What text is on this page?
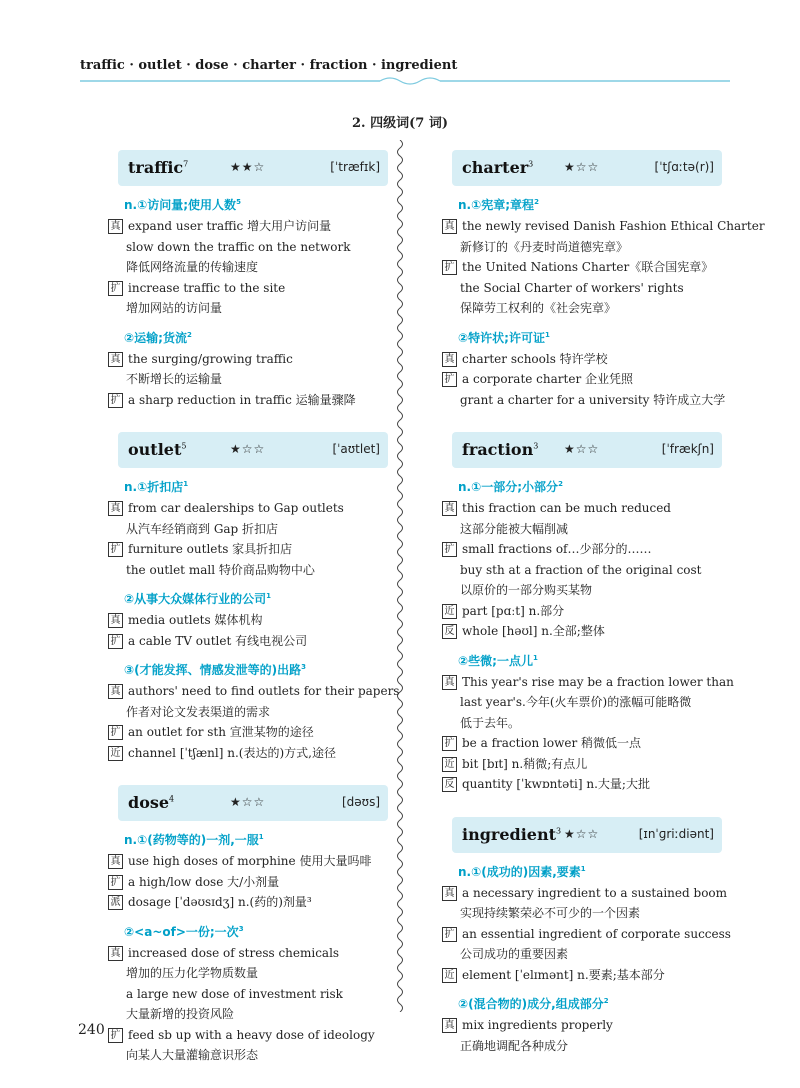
traffic · outlet · dose · charter · fraction · ingredient
2. 四级词(7 词)
traffic$^7$	★★☆	[ˈtræfɪk]
n.①访问量;使用人数$^5$
真 expand user traffic 增大用户访问量
slow down the traffic on the network
降低网络流量的传输速度
扩 increase traffic to the site
增加网站的访问量
②运输;货流$^2$
真 the surging/growing traffic
不断增长的运输量
扩 a sharp reduction in traffic 运输量骤降
outlet$^5$	★☆☆	[ˈaʊtlet]
n.①折扣店$^1$
真 from car dealerships to Gap outlets
从汽车经销商到 Gap 折扣店
扩 furniture outlets 家具折扣店
the outlet mall 特价商品购物中心
②从事大众媒体行业的公司$^1$
真 media outlets 媒体机构
扩 a cable TV outlet 有线电视公司
③(才能发挥、情感发泄等的)出路$^3$
真 authors' need to find outlets for their papers
作者对论文发表渠道的需求
扩 an outlet for sth 宣泄某物的途径
近 channel [ˈtʃænl] n.(表达的)方式,途径
dose$^4$	★☆☆	[dəʊs]
n.①(药物等的)一剂,一服$^1$
真 use high doses of morphine 使用大量吗啡
扩 a high/low dose 大/小剂量
派 dosage [ˈdəʊsɪdʒ] n.(药的)剂量³
②<a~of>一份;一次$^3$
真 increased dose of stress chemicals
增加的压力化学物质数量
a large new dose of investment risk
大量新增的投资风险
扩 feed sb up with a heavy dose of ideology
向某人大量灌输意识形态
charter$^3$	★☆☆	[ˈtʃɑːtə(r)]
n.①宪章;章程$^2$
真 the newly revised Danish Fashion Ethical Charter
新修订的《丹麦时尚道德宪章》
扩 the United Nations Charter《联合国宪章》
the Social Charter of workers' rights
保障劳工权利的《社会宪章》
②特许状;许可证$^1$
真 charter schools 特许学校
扩 a corporate charter 企业凭照
grant a charter for a university 特许成立大学
fraction$^3$ ★☆☆	[ˈfrækʃn]
n.①一部分;小部分$^2$
真 this fraction can be much reduced
这部分能被大幅削减
扩 small fractions of…少部分的……
buy sth at a fraction of the original cost
以原价的一部分购买某物
近 part [pɑːt] n.部分
反 whole [həʊl] n.全部;整体
②些微;一点儿$^1$
真 This year's rise may be a fraction lower than
last year's.今年(火车票价)的涨幅可能略微
低于去年。
扩 be a fraction lower 稍微低一点
近 bit [bɪt] n.稍微;有点儿
反 quantity [ˈkwɒntəti] n.大量;大批
ingredient$^3$ ★☆☆	[ɪnˈɡriːdiənt]
n.①(成功的)因素,要素$^1$
真 a necessary ingredient to a sustained boom
实现持续繁荣必不可少的一个因素
扩 an essential ingredient of corporate success
公司成功的重要因素
近 element [ˈelɪmənt] n.要素;基本部分
②(混合物的)成分,组成部分$^2$
真 mix ingredients properly
正确地调配各种成分
240
